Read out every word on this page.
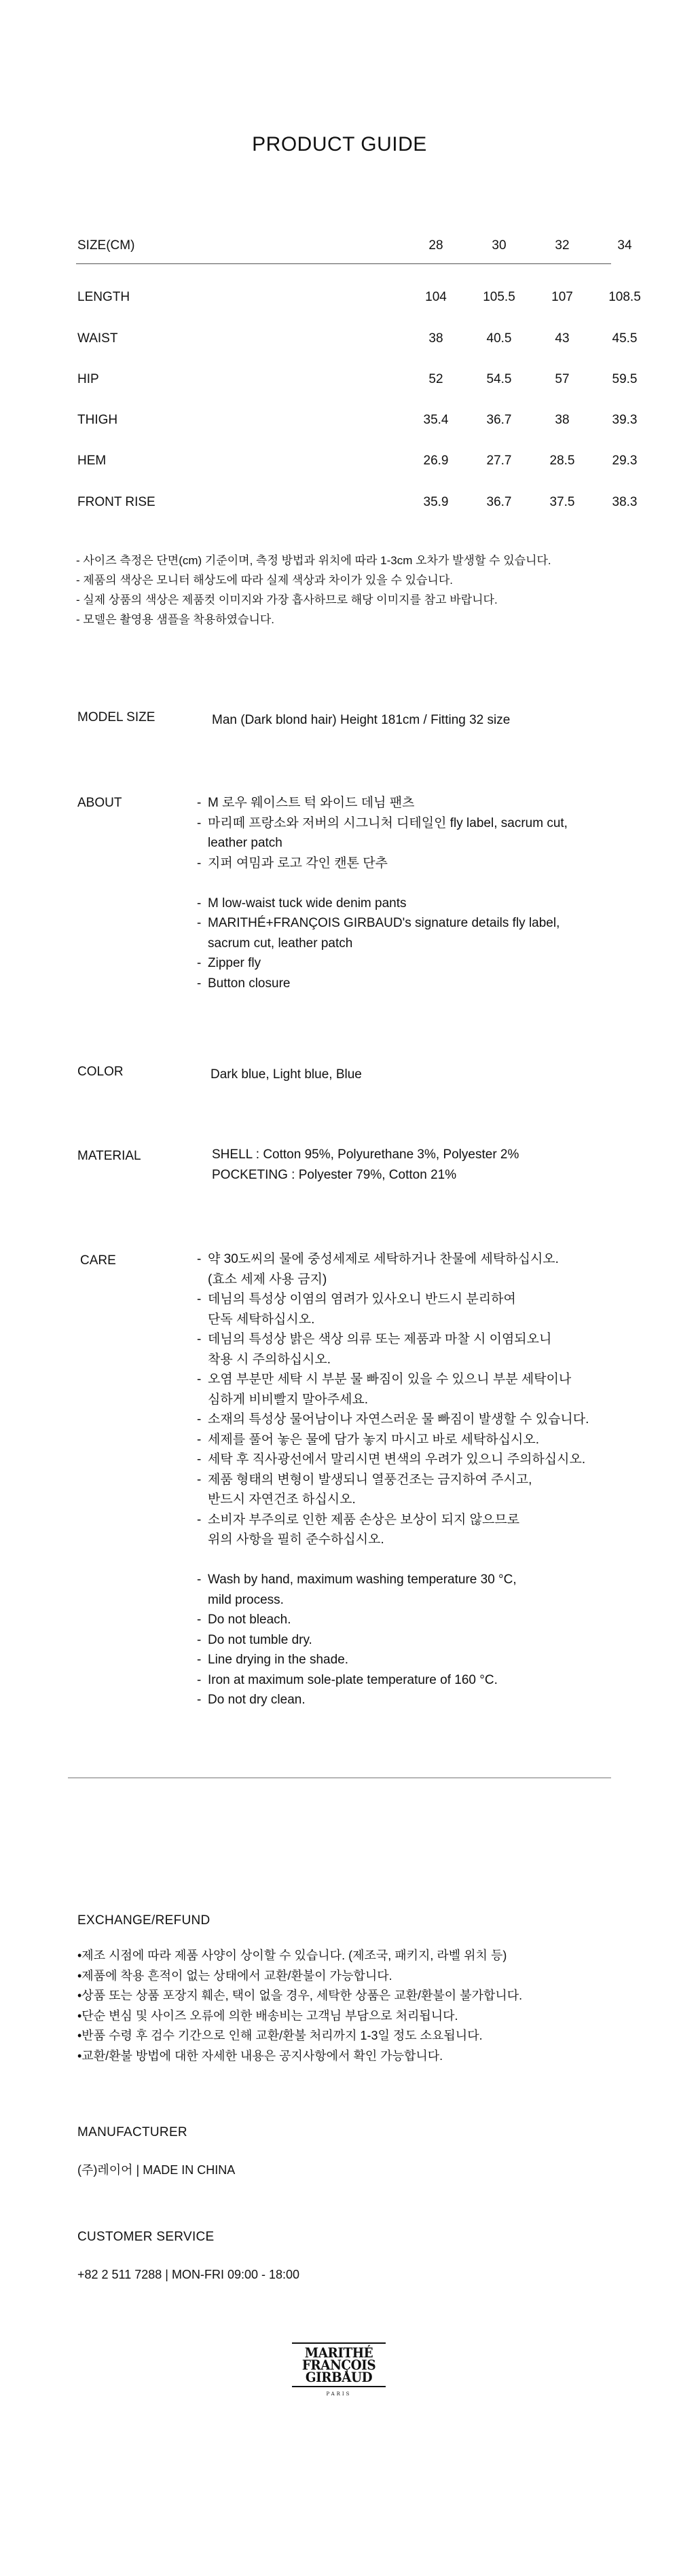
PRODUCT GUIDE
SIZE(CM)	28	30	32	34
LENGTH	104	105.5	107	108.5
WAIST	38	40.5	43	45.5
HIP	52	54.5	57	59.5
THIGH	35.4	36.7	38	39.3
HEM	26.9	27.7	28.5	29.3
FRONT RISE	35.9	36.7	37.5	38.3
- 사이즈 측정은 단면(cm) 기준이며, 측정 방법과 위치에 따라 1-3cm 오차가 발생할 수 있습니다.
- 제품의 색상은 모니터 해상도에 따라 실제 색상과 차이가 있을 수 있습니다.
- 실제 상품의 색상은 제품컷 이미지와 가장 흡사하므로 해당 이미지를 참고 바랍니다.
- 모델은 촬영용 샘플을 착용하였습니다.
MODEL SIZE	Man (Dark blond hair) Height 181cm / Fitting 32 size
ABOUT	- M 로우 웨이스트 턱 와이드 데님 팬츠
- 마리떼 프랑소와 저버의 시그니처 디테일인 fly label, sacrum cut,
leather patch
- 지퍼 여밈과 로고 각인 캔톤 단추
- M low-waist tuck wide denim pants
- MARITHÉ+FRANÇOIS GIRBAUD's signature details fly label,
sacrum cut, leather patch
- Zipper fly
- Button closure
COLOR	Dark blue, Light blue, Blue
MATERIAL	SHELL : Cotton 95%, Polyurethane 3%, Polyester 2%
POCKETING : Polyester 79%, Cotton 21%
CARE	- 약 30도씨의 물에 중성세제로 세탁하거나 찬물에 세탁하십시오.
(효소 세제 사용 금지)
- 데님의 특성상 이염의 염려가 있사오니 반드시 분리하여
단독 세탁하십시오.
- 데님의 특성상 밝은 색상 의류 또는 제품과 마찰 시 이염되오니
착용 시 주의하십시오.
- 오염 부분만 세탁 시 부분 물 빠짐이 있을 수 있으니 부분 세탁이나
심하게 비비빨지 말아주세요.
- 소재의 특성상 물어남이나 자연스러운 물 빠짐이 발생할 수 있습니다.
- 세제를 풀어 놓은 물에 담가 놓지 마시고 바로 세탁하십시오.
- 세탁 후 직사광선에서 말리시면 변색의 우려가 있으니 주의하십시오.
- 제품 형태의 변형이 발생되니 열풍건조는 금지하여 주시고,
반드시 자연건조 하십시오.
- 소비자 부주의로 인한 제품 손상은 보상이 되지 않으므로
위의 사항을 필히 준수하십시오.
- Wash by hand, maximum washing temperature 30 °C,
mild process.
- Do not bleach.
- Do not tumble dry.
- Line drying in the shade.
- Iron at maximum sole-plate temperature of 160 °C.
- Do not dry clean.
EXCHANGE/REFUND
•제조 시점에 따라 제품 사양이 상이할 수 있습니다. (제조국, 패키지, 라벨 위치 등)
•제품에 착용 흔적이 없는 상태에서 교환/환불이 가능합니다.
•상품 또는 상품 포장지 훼손, 택이 없을 경우, 세탁한 상품은 교환/환불이 불가합니다.
•단순 변심 및 사이즈 오류에 의한 배송비는 고객님 부담으로 처리됩니다.
•반품 수령 후 검수 기간으로 인해 교환/환불 처리까지 1-3일 정도 소요됩니다.
•교환/환불 방법에 대한 자세한 내용은 공지사항에서 확인 가능합니다.
MANUFACTURER
(주)레이어 | MADE IN CHINA
CUSTOMER SERVICE
+82 2 511 7288 | MON-FRI 09:00 - 18:00
MARITHÉ
FRANÇOIS
GIRBAUD
PARIS
